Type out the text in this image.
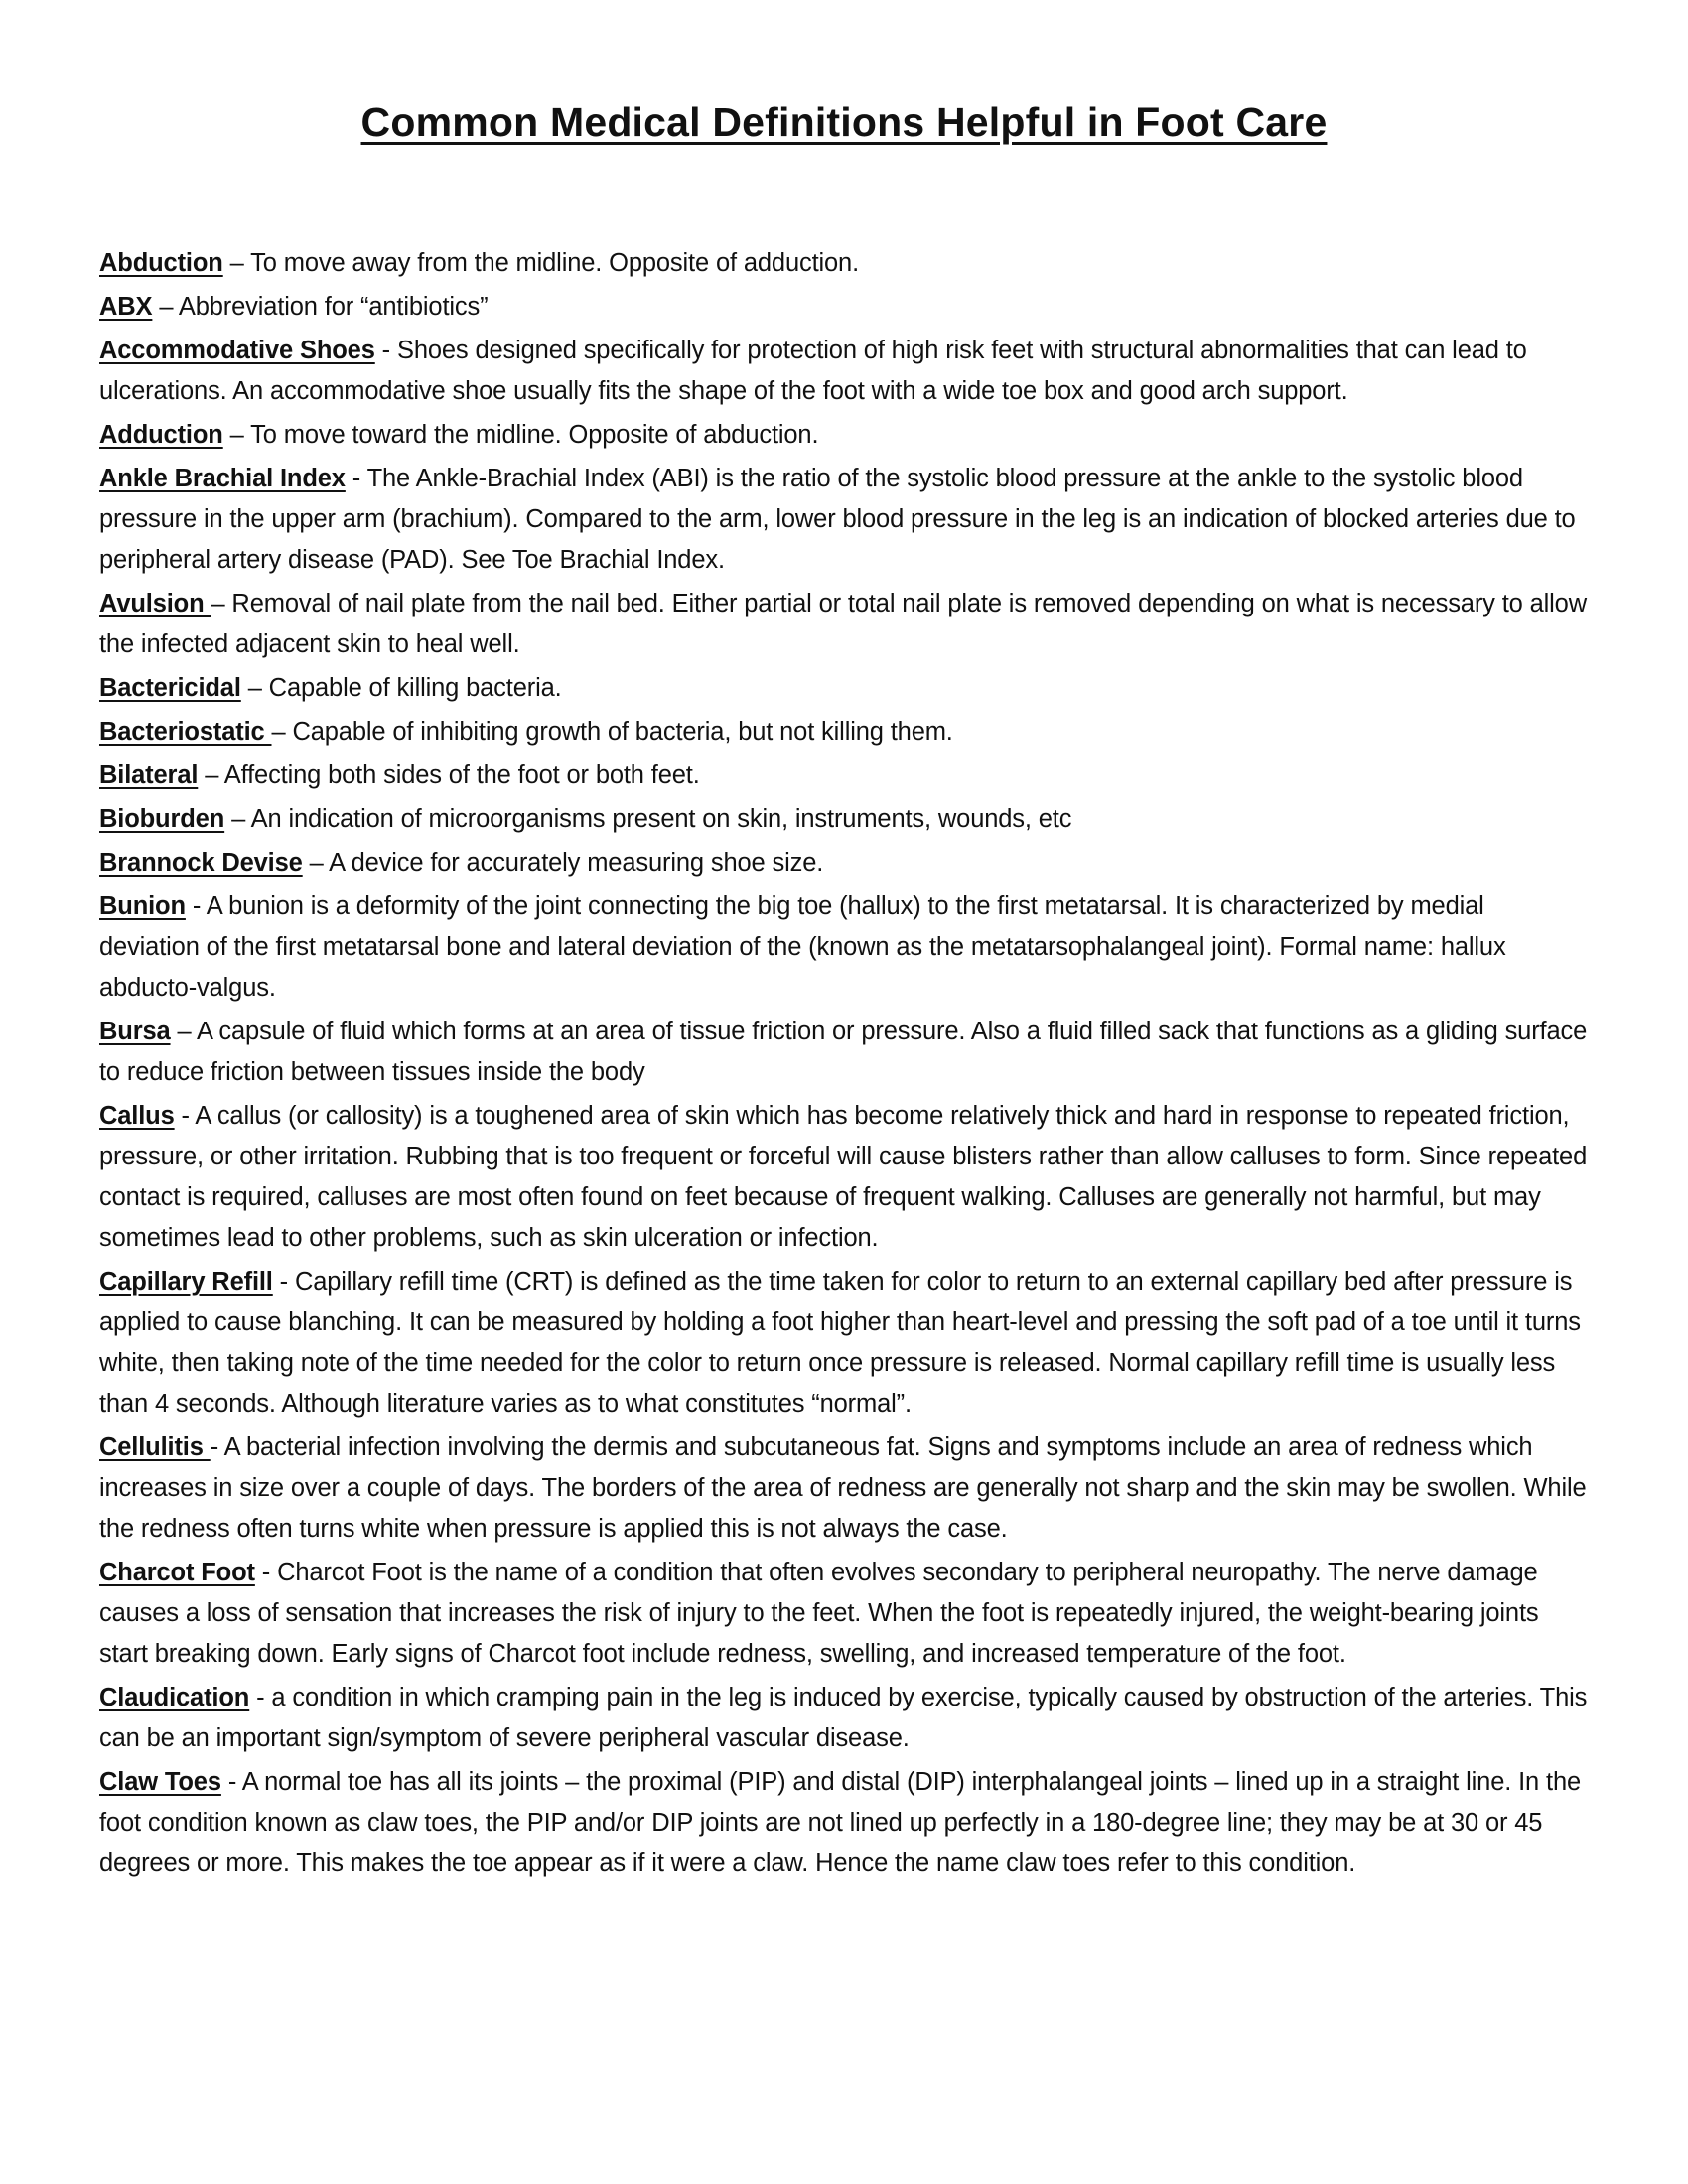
Common Medical Definitions Helpful in Foot Care

Abduction – To move away from the midline. Opposite of adduction.

ABX – Abbreviation for “antibiotics”

Accommodative Shoes - Shoes designed specifically for protection of high risk feet with structural abnormalities that can lead to ulcerations. An accommodative shoe usually fits the shape of the foot with a wide toe box and good arch support.

Adduction – To move toward the midline. Opposite of abduction.

Ankle Brachial Index - The Ankle-Brachial Index (ABI) is the ratio of the systolic blood pressure at the ankle to the systolic blood pressure in the upper arm (brachium). Compared to the arm, lower blood pressure in the leg is an indication of blocked arteries due to peripheral artery disease (PAD). See Toe Brachial Index.

Avulsion – Removal of nail plate from the nail bed. Either partial or total nail plate is removed depending on what is necessary to allow the infected adjacent skin to heal well.

Bactericidal – Capable of killing bacteria.

Bacteriostatic – Capable of inhibiting growth of bacteria, but not killing them.

Bilateral – Affecting both sides of the foot or both feet.

Bioburden – An indication of microorganisms present on skin, instruments, wounds, etc

Brannock Devise – A device for accurately measuring shoe size.

Bunion - A bunion is a deformity of the joint connecting the big toe (hallux) to the first metatarsal. It is characterized by medial deviation of the first metatarsal bone and lateral deviation of the (known as the metatarsophalangeal joint). Formal name: hallux abducto-valgus.

Bursa – A capsule of fluid which forms at an area of tissue friction or pressure. Also a fluid filled sack that functions as a gliding surface to reduce friction between tissues inside the body

Callus - A callus (or callosity) is a toughened area of skin which has become relatively thick and hard in response to repeated friction, pressure, or other irritation. Rubbing that is too frequent or forceful will cause blisters rather than allow calluses to form. Since repeated contact is required, calluses are most often found on feet because of frequent walking. Calluses are generally not harmful, but may sometimes lead to other problems, such as skin ulceration or infection.

Capillary Refill - Capillary refill time (CRT) is defined as the time taken for color to return to an external capillary bed after pressure is applied to cause blanching. It can be measured by holding a foot higher than heart-level and pressing the soft pad of a toe until it turns white, then taking note of the time needed for the color to return once pressure is released. Normal capillary refill time is usually less than 4 seconds. Although literature varies as to what constitutes “normal”.

Cellulitis - A bacterial infection involving the dermis and subcutaneous fat. Signs and symptoms include an area of redness which increases in size over a couple of days. The borders of the area of redness are generally not sharp and the skin may be swollen. While the redness often turns white when pressure is applied this is not always the case.

Charcot Foot - Charcot Foot is the name of a condition that often evolves secondary to peripheral neuropathy. The nerve damage causes a loss of sensation that increases the risk of injury to the feet. When the foot is repeatedly injured, the weight-bearing joints start breaking down. Early signs of Charcot foot include redness, swelling, and increased temperature of the foot.

Claudication - a condition in which cramping pain in the leg is induced by exercise, typically caused by obstruction of the arteries. This can be an important sign/symptom of severe peripheral vascular disease.

Claw Toes - A normal toe has all its joints – the proximal (PIP) and distal (DIP) interphalangeal joints – lined up in a straight line. In the foot condition known as claw toes, the PIP and/or DIP joints are not lined up perfectly in a 180-degree line; they may be at 30 or 45 degrees or more. This makes the toe appear as if it were a claw. Hence the name claw toes refer to this condition.
